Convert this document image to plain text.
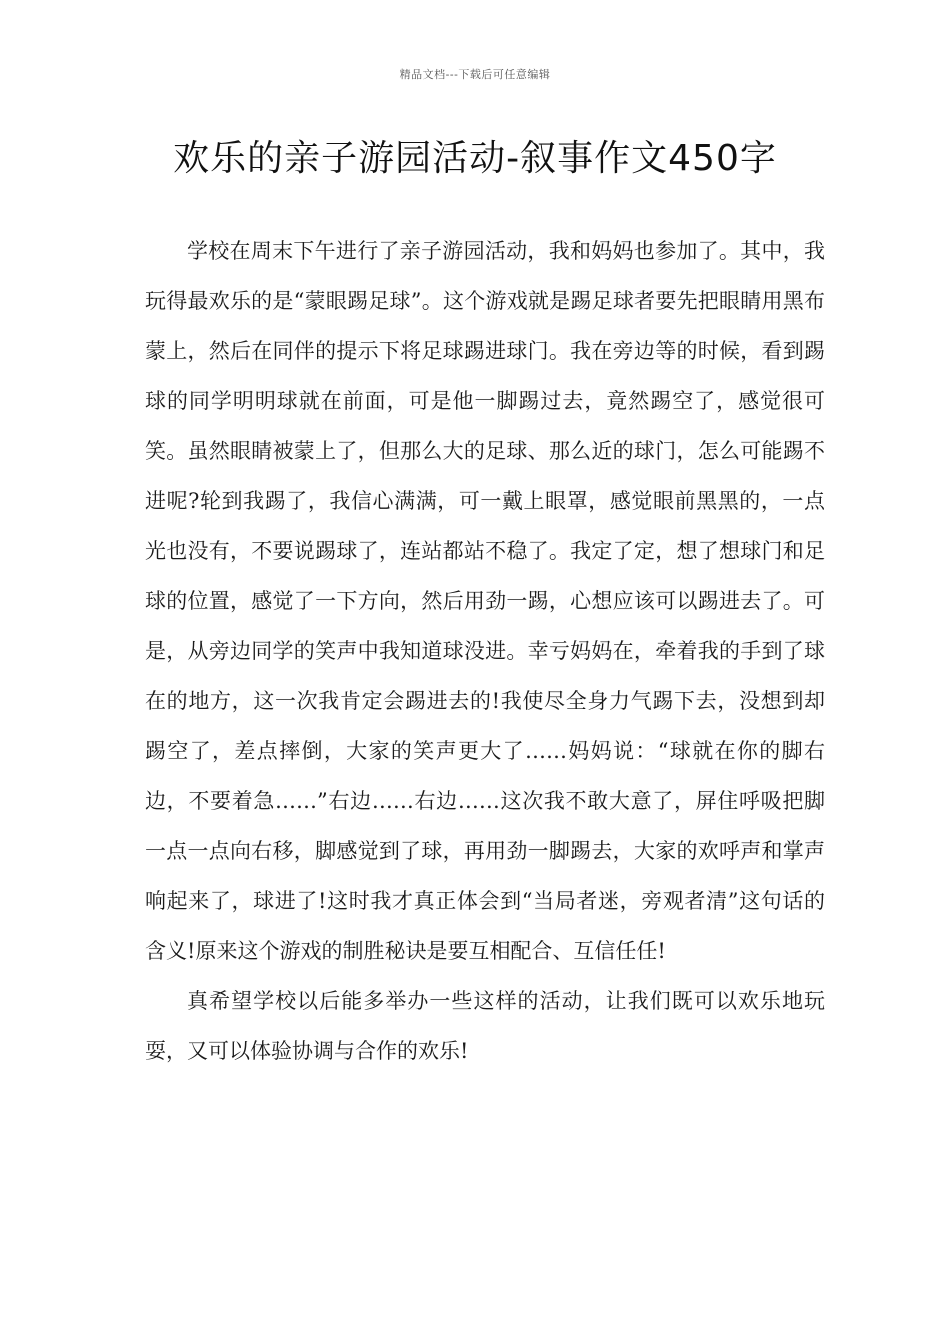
精品文档---下载后可任意编辑
欢乐的亲子游园活动-叙事作文450字

学校在周末下午进行了亲子游园活动，我和妈妈也参加了。其中，我玩得最欢乐的是“蒙眼踢足球”。这个游戏就是踢足球者要先把眼睛用黑布蒙上，然后在同伴的提示下将足球踢进球门。我在旁边等的时候，看到踢球的同学明明球就在前面，可是他一脚踢过去，竟然踢空了，感觉很可笑。虽然眼睛被蒙上了，但那么大的足球、那么近的球门，怎么可能踢不进呢?轮到我踢了，我信心满满，可一戴上眼罩，感觉眼前黑黑的，一点光也没有，不要说踢球了，连站都站不稳了。我定了定，想了想球门和足球的位置，感觉了一下方向，然后用劲一踢，心想应该可以踢进去了。可是，从旁边同学的笑声中我知道球没进。幸亏妈妈在，牵着我的手到了球在的地方，这一次我肯定会踢进去的!我使尽全身力气踢下去，没想到却踢空了，差点摔倒，大家的笑声更大了……妈妈说：“球就在你的脚右边，不要着急……”右边……右边……这次我不敢大意了，屏住呼吸把脚一点一点向右移，脚感觉到了球，再用劲一脚踢去，大家的欢呼声和掌声响起来了，球进了!这时我才真正体会到“当局者迷，旁观者清”这句话的含义!原来这个游戏的制胜秘诀是要互相配合、互信任任!

真希望学校以后能多举办一些这样的活动，让我们既可以欢乐地玩耍，又可以体验协调与合作的欢乐!
